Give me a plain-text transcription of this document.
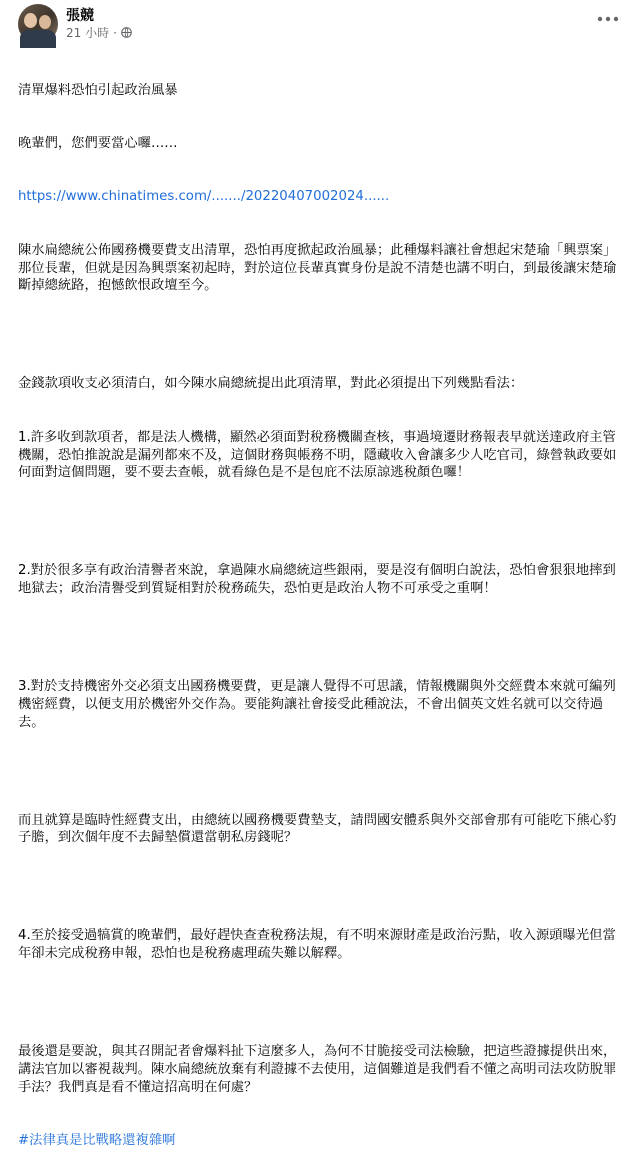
張競
21 小時 ·

清單爆料恐怕引起政治風暴

晚輩們，您們要當心囉……

https://www.chinatimes.com/......./20220407002024......

陳水扁總統公佈國務機要費支出清單，恐怕再度掀起政治風暴；此種爆料讓社會想起宋楚瑜「興票案」那位長輩，但就是因為興票案初起時，對於這位長輩真實身份是說不清楚也講不明白，到最後讓宋楚瑜斷掉總統路，抱憾飲恨政壇至今。

金錢款項收支必須清白，如今陳水扁總統提出此項清單，對此必須提出下列幾點看法：

1.許多收到款項者，都是法人機構，顯然必須面對稅務機關查核，事過境遷財務報表早就送達政府主管機關，恐怕推說說是漏列都來不及，這個財務與帳務不明，隱藏收入會讓多少人吃官司，綠營執政要如何面對這個問題，要不要去查帳，就看綠色是不是包庇不法原諒逃稅顏色囉！

2.對於很多享有政治清譽者來說，拿過陳水扁總統這些銀兩，要是沒有個明白說法，恐怕會狠狠地摔到地獄去；政治清譽受到質疑相對於稅務疏失，恐怕更是政治人物不可承受之重啊！

3.對於支持機密外交必須支出國務機要費，更是讓人覺得不可思議，情報機關與外交經費本來就可編列機密經費，以便支用於機密外交作為。要能夠讓社會接受此種說法，不會出個英文姓名就可以交待過去。

而且就算是臨時性經費支出，由總統以國務機要費墊支，請問國安體系與外交部會那有可能吃下熊心豹子膽，到次個年度不去歸墊償還當朝私房錢呢？

4.至於接受過犒賞的晚輩們，最好趕快查查稅務法規，有不明來源財產是政治污點，收入源頭曝光但當年卻未完成稅務申報，恐怕也是稅務處理疏失難以解釋。

最後還是要說，與其召開記者會爆料扯下這麼多人，為何不甘脆接受司法檢驗，把這些證據提供出來，講法官加以審視裁判。陳水扁總統放棄有利證據不去使用，這個難道是我們看不懂之高明司法攻防脫罪手法？我們真是看不懂這招高明在何處？

#法律真是比戰略還複雜啊
